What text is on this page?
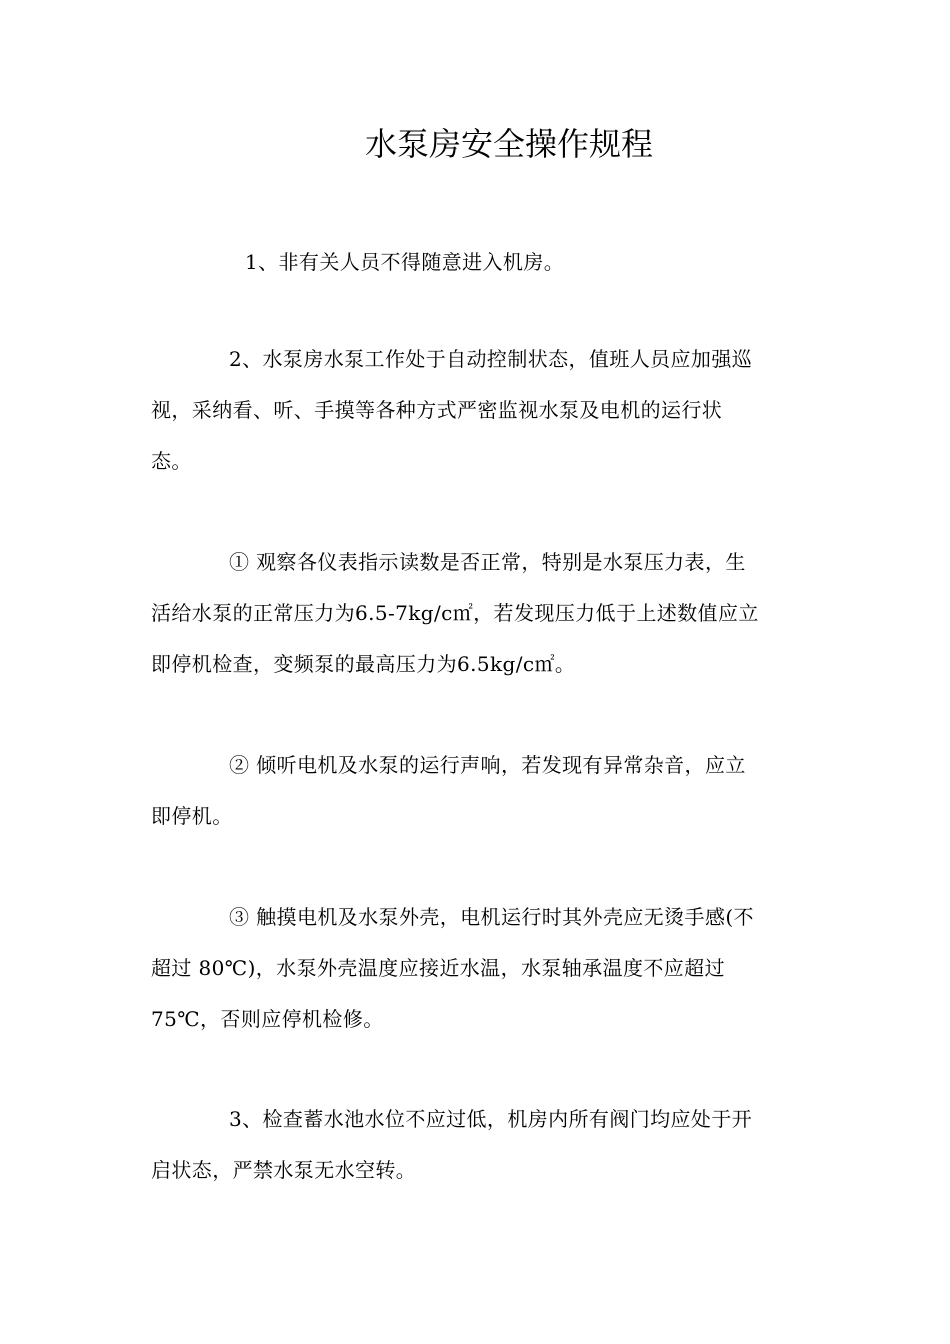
水泵房安全操作规程

1、非有关人员不得随意进入机房。

2、水泵房水泵工作处于自动控制状态，值班人员应加强巡
视，采纳看、听、手摸等各种方式严密监视水泵及电机的运行状
态。

① 观察各仪表指示读数是否正常，特别是水泵压力表，生
活给水泵的正常压力为6.5-7kg/c㎡，若发现压力低于上述数值应立
即停机检查，变频泵的最高压力为6.5kg/c㎡。

② 倾听电机及水泵的运行声响，若发现有异常杂音，应立
即停机。

③ 触摸电机及水泵外壳，电机运行时其外壳应无烫手感(不
超过 80℃)，水泵外壳温度应接近水温，水泵轴承温度不应超过
75℃，否则应停机检修。

3、检查蓄水池水位不应过低，机房内所有阀门均应处于开
启状态，严禁水泵无水空转。
